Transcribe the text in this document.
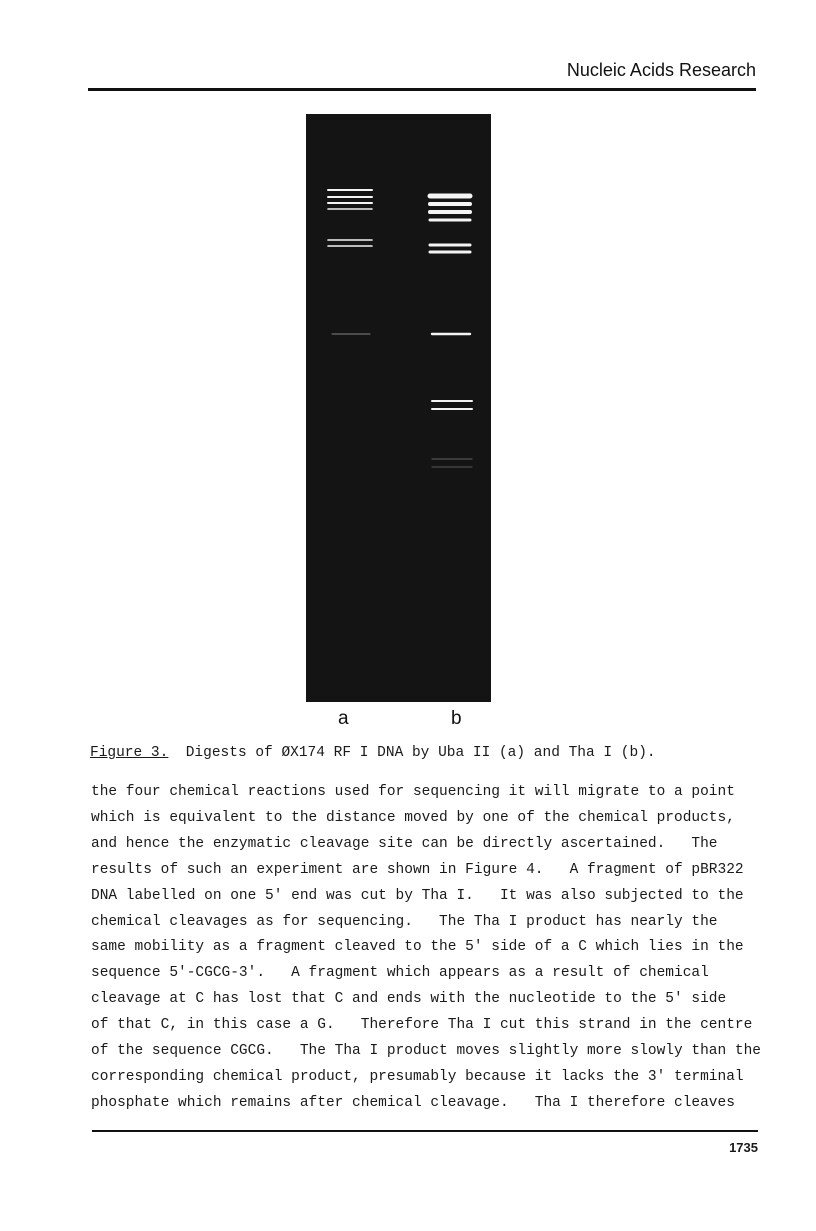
Nucleic Acids Research
a	b
Figure 3.  Digests of ØX174 RF I DNA by Uba II (a) and Tha I (b).
the four chemical reactions used for sequencing it will migrate to a point
which is equivalent to the distance moved by one of the chemical products,
and hence the enzymatic cleavage site can be directly ascertained.   The
results of such an experiment are shown in Figure 4.   A fragment of pBR322
DNA labelled on one 5' end was cut by Tha I.   It was also subjected to the
chemical cleavages as for sequencing.   The Tha I product has nearly the
same mobility as a fragment cleaved to the 5' side of a C which lies in the
sequence 5'-CGCG-3'.   A fragment which appears as a result of chemical
cleavage at C has lost that C and ends with the nucleotide to the 5' side
of that C, in this case a G.   Therefore Tha I cut this strand in the centre
of the sequence CGCG.   The Tha I product moves slightly more slowly than the
corresponding chemical product, presumably because it lacks the 3' terminal
phosphate which remains after chemical cleavage.   Tha I therefore cleaves
1735
